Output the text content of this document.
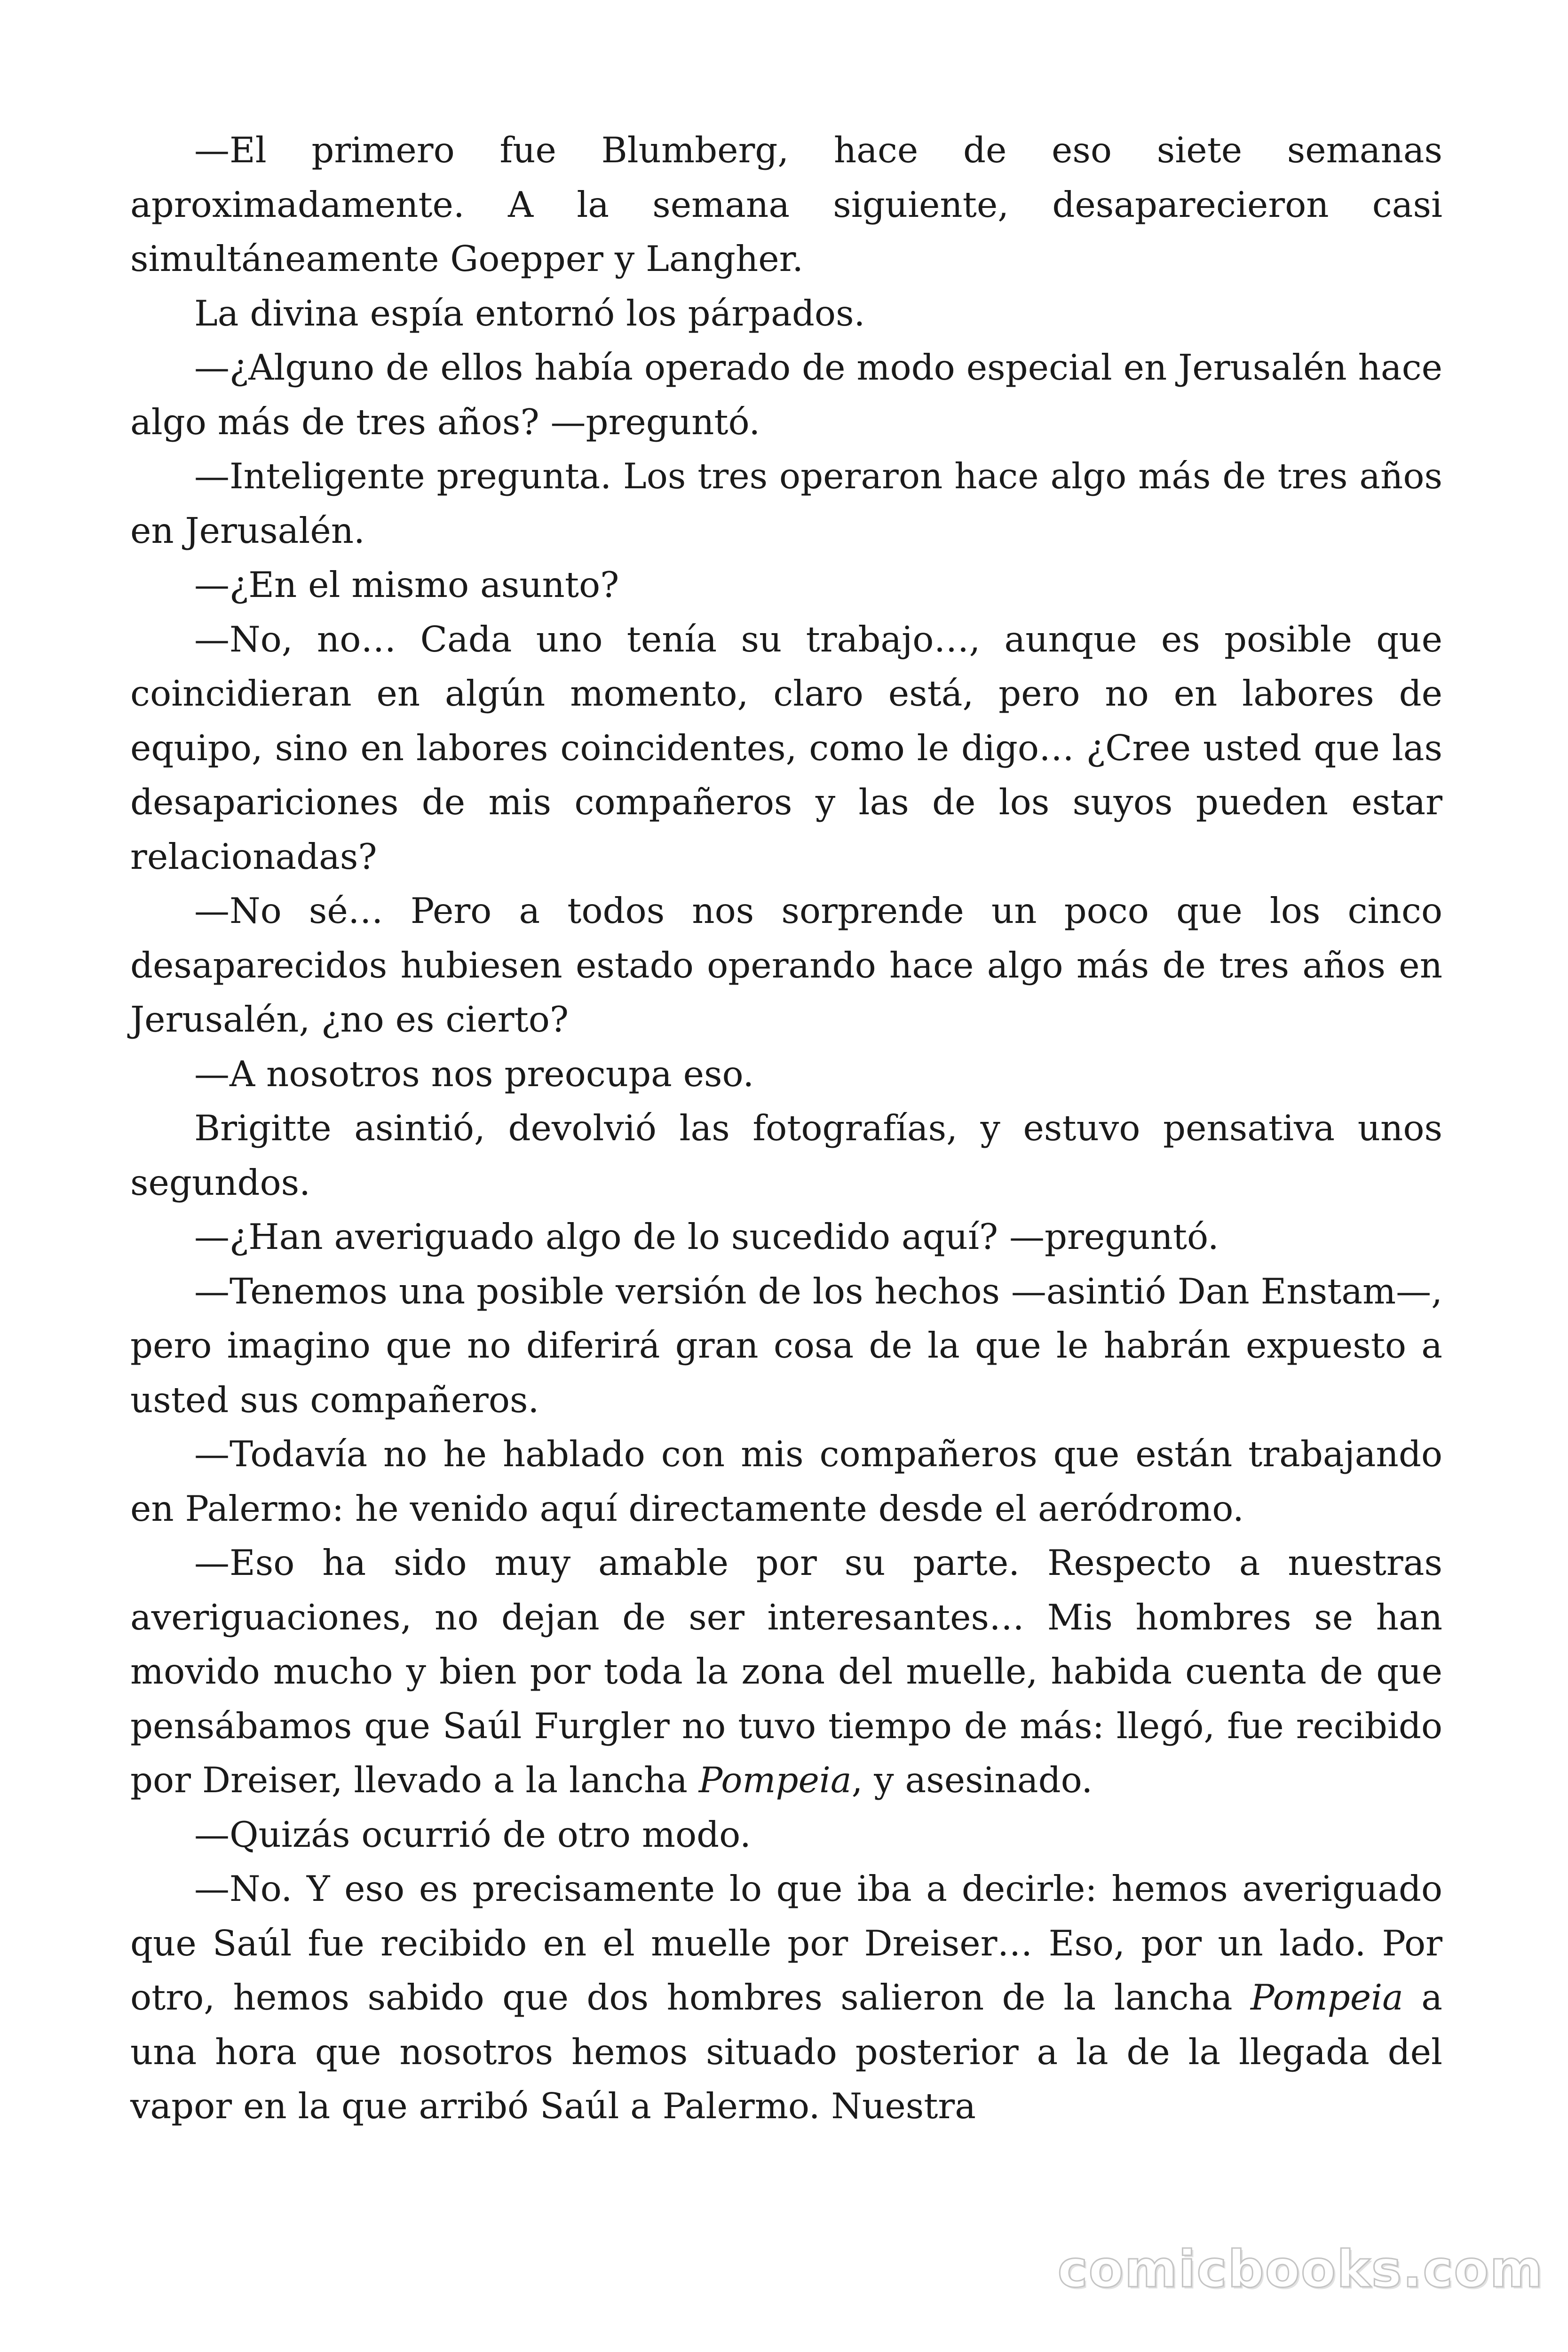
—El primero fue Blumberg, hace de eso siete semanas aproximadamente. A la semana siguiente, desaparecieron casi simultáneamente Goepper y Langher.

La divina espía entornó los párpados.

—¿Alguno de ellos había operado de modo especial en Jerusalén hace algo más de tres años? —preguntó.

—Inteligente pregunta. Los tres operaron hace algo más de tres años en Jerusalén.

—¿En el mismo asunto?

—No, no… Cada uno tenía su trabajo…, aunque es posible que coincidieran en algún momento, claro está, pero no en labores de equipo, sino en labores coincidentes, como le digo… ¿Cree usted que las desapariciones de mis compañeros y las de los suyos pueden estar relacionadas?

—No sé… Pero a todos nos sorprende un poco que los cinco desaparecidos hubiesen estado operando hace algo más de tres años en Jerusalén, ¿no es cierto?

—A nosotros nos preocupa eso.

Brigitte asintió, devolvió las fotografías, y estuvo pensativa unos segundos.

—¿Han averiguado algo de lo sucedido aquí? —preguntó.

—Tenemos una posible versión de los hechos —asintió Dan Enstam—, pero imagino que no diferirá gran cosa de la que le habrán expuesto a usted sus compañeros.

—Todavía no he hablado con mis compañeros que están trabajando en Palermo: he venido aquí directamente desde el aeródromo.

—Eso ha sido muy amable por su parte. Respecto a nuestras averiguaciones, no dejan de ser interesantes… Mis hombres se han movido mucho y bien por toda la zona del muelle, habida cuenta de que pensábamos que Saúl Furgler no tuvo tiempo de más: llegó, fue recibido por Dreiser, llevado a la lancha Pompeia, y asesinado.

—Quizás ocurrió de otro modo.

—No. Y eso es precisamente lo que iba a decirle: hemos averiguado que Saúl fue recibido en el muelle por Dreiser… Eso, por un lado. Por otro, hemos sabido que dos hombres salieron de la lancha Pompeia a una hora que nosotros hemos situado posterior a la de la llegada del vapor en la que arribó Saúl a Palermo. Nuestra

comicbooks.com
